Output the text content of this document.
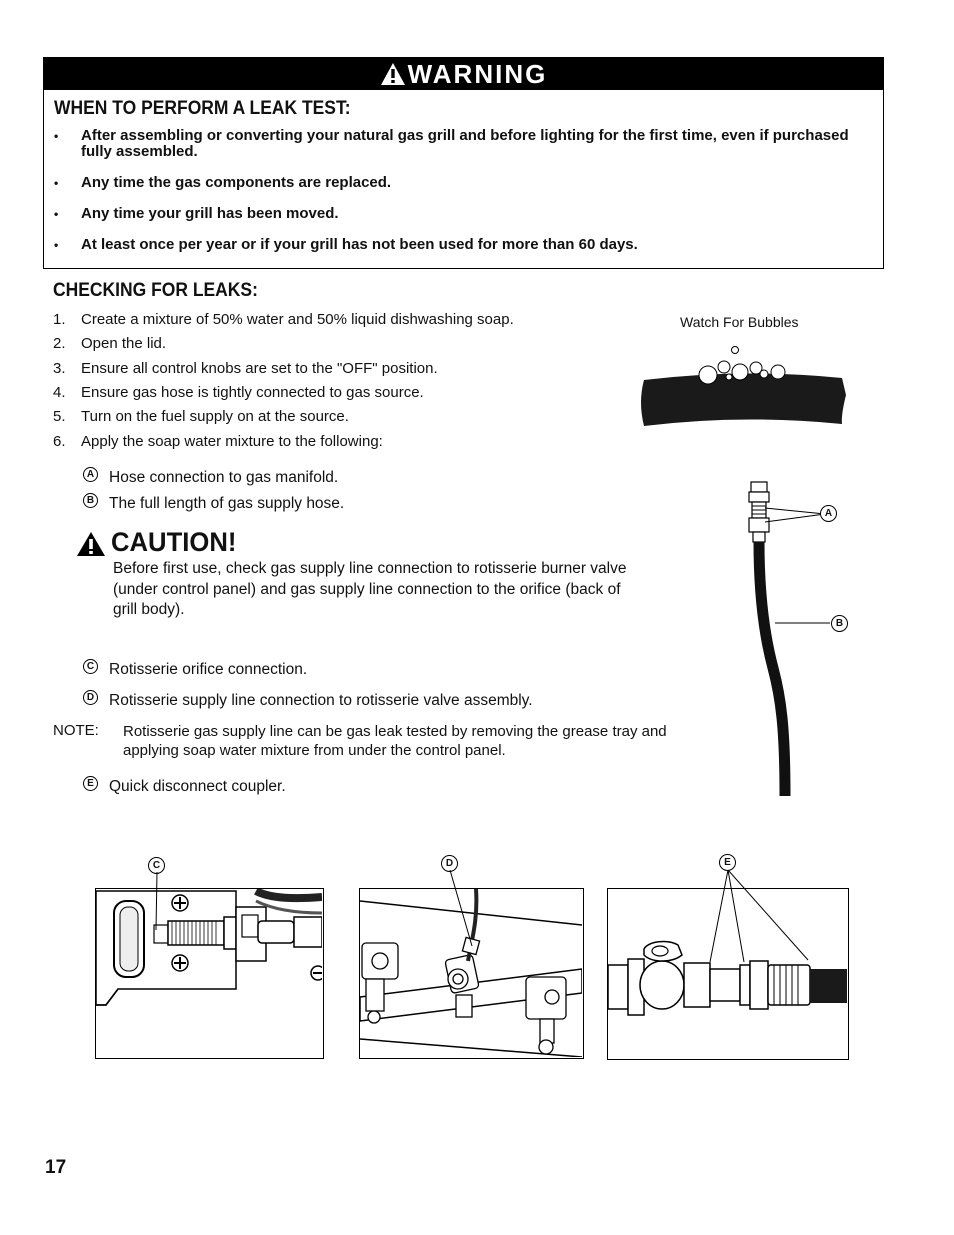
WARNING
WHEN TO PERFORM A LEAK TEST:
• After assembling or converting your natural gas grill and before lighting for the first time, even if purchased fully assembled.
• Any time the gas components are replaced.
• Any time your grill has been moved.
• At least once per year or if your grill has not been used for more than 60 days.
CHECKING FOR LEAKS:
1. Create a mixture of 50% water and 50% liquid dishwashing soap.
2. Open the lid.
3. Ensure all control knobs are set to the "OFF" position.
4. Ensure gas hose is tightly connected to gas source.
5. Turn on the fuel supply on at the source.
6. Apply the soap water mixture to the following:
A Hose connection to gas manifold.
B The full length of gas supply hose.
CAUTION!
Before first use, check gas supply line connection to rotisserie burner valve (under control panel) and gas supply line connection to the orifice (back of grill body).
C Rotisserie orifice connection.
D Rotisserie supply line connection to rotisserie valve assembly.
NOTE: Rotisserie gas supply line can be gas leak tested by removing the grease tray and applying soap water mixture from under the control panel.
E Quick disconnect coupler.
Watch For Bubbles
A
B
C	D	E
17
